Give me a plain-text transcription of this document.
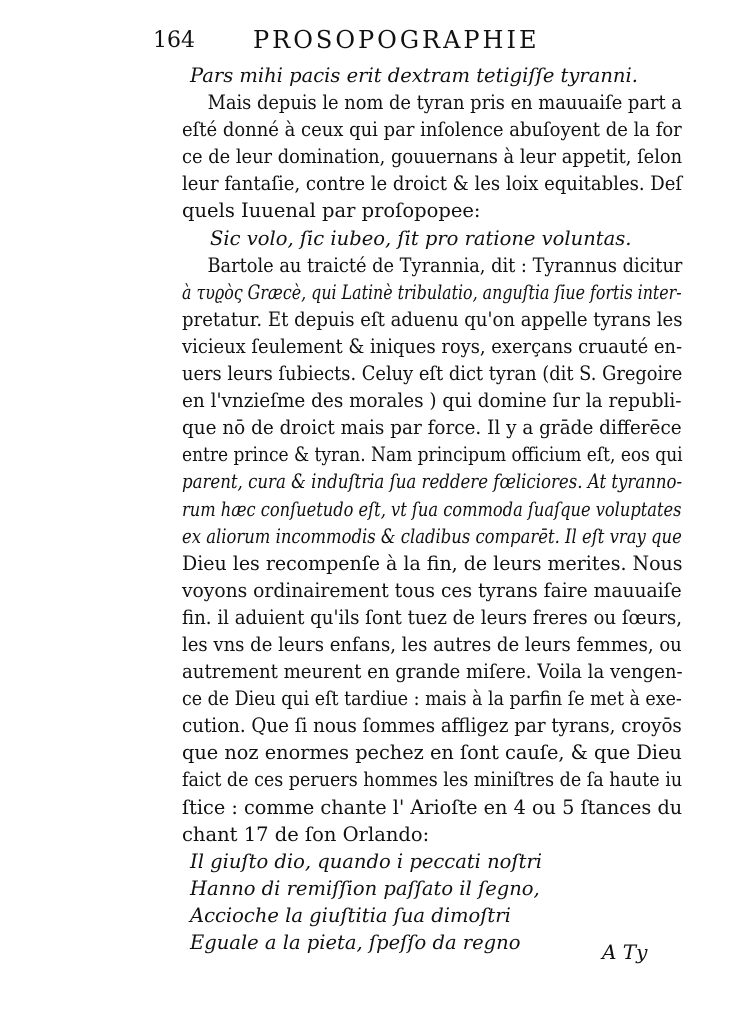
164 PROSOPOGRAPHIE
Pars mihi pacis erit dextram tetigiſſe tyranni.
Mais depuis le nom de tyran pris en mauuaiſe part a
eſté donné à ceux qui par inſolence abuſoyent de la for
ce de leur domination, gouuernans à leur appetit, ſelon
leur fantaſie, contre le droict & les loix equitables. Deſ
quels Iuuenal par proſopopee:
Sic volo, ſic iubeo, ſit pro ratione voluntas.
Bartole au traicté de Tyrannia, dit : Tyrannus dicitur
à τυϱὸς Græcè, qui Latinè tribulatio, anguſtia ſiue fortis inter-
pretatur. Et depuis eſt aduenu qu'on appelle tyrans les
vicieux ſeulement & iniques roys, exerçans cruauté en-
uers leurs ſubiects. Celuy eſt dict tyran (dit S. Gregoire
en l'vnzieſme des morales ) qui domine ſur la republi-
que nō de droict mais par force. Il y a grāde differēce
entre prince & tyran. Nam principum officium eſt, eos qui
parent, cura & induſtria ſua reddere fœliciores. At tyranno-
rum hæc conſuetudo eſt, vt ſua commoda ſuaſque voluptates
ex aliorum incommodis & cladibus comparēt. Il eſt vray que
Dieu les recompenſe à la fin, de leurs merites. Nous
voyons ordinairement tous ces tyrans faire mauuaiſe
fin. il aduient qu'ils ſont tuez de leurs freres ou ſœurs,
les vns de leurs enfans, les autres de leurs femmes, ou
autrement meurent en grande miſere. Voila la vengen-
ce de Dieu qui eſt tardiue : mais à la parfin ſe met à exe-
cution. Que ſi nous ſommes affligez par tyrans, croyōs
que noz enormes pechez en ſont cauſe, & que Dieu
faict de ces peruers hommes les miniſtres de ſa haute iu
ſtice : comme chante l' Arioſte en 4 ou 5 ſtances du
chant 17 de ſon Orlando:
Il giuſto dio, quando i peccati noſtri
Hanno di remiſſion paſſato il ſegno,
Accioche la giuſtitia ſua dimoſtri
Eguale a la pieta, ſpeſſo da regno	A Ty
